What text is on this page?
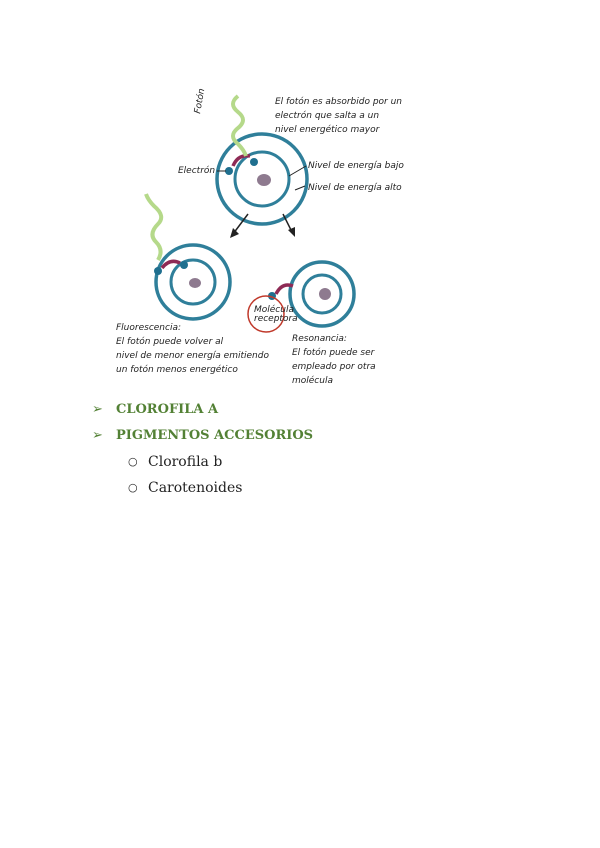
Fotón	El fotón es absorbido por un
electrón que salta a un
nivel energético mayor
Electrón	Nivel de energía bajo
Nivel de energía alto
Molécula
receptora
Fluorescencia:
El fotón puede volver al
nivel de menor energía emitiendo
un fotón menos energético
Resonancia:
El fotón puede ser
empleado por otra
molécula
➢ CLOROFILA A
➢ PIGMENTOS ACCESORIOS
○ Clorofila b
○ Carotenoides
